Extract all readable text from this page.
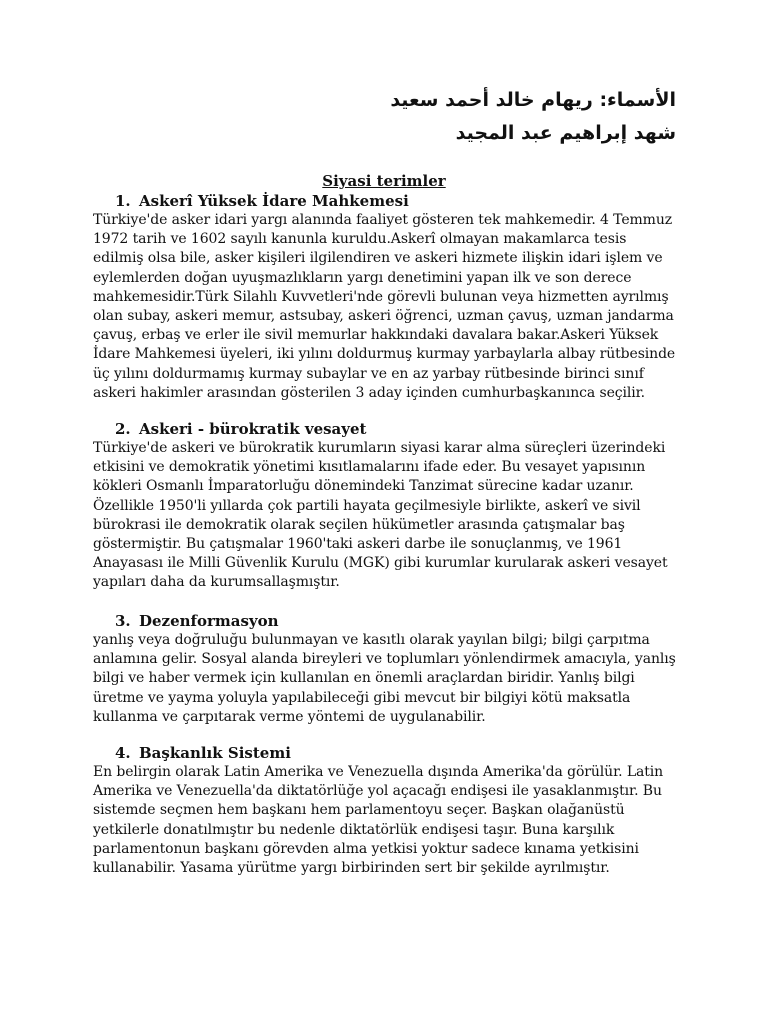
الأسماء: ريهام خالد أحمد سعيد
شهد إبراهيم عبد المجيد
Siyasi terimler
1. Askerî Yüksek İdare Mahkemesi

Türkiye'de asker idari yargı alanında faaliyet gösteren tek mahkemedir. 4 Temmuz 1972 tarih ve 1602 sayılı kanunla kuruldu.Askerî olmayan makamlarca tesis edilmiş olsa bile, asker kişileri ilgilendiren ve askeri hizmete ilişkin idari işlem ve eylemlerden doğan uyuşmazlıkların yargı denetimini yapan ilk ve son derece mahkemesidir.Türk Silahlı Kuvvetleri'nde görevli bulunan veya hizmetten ayrılmış olan subay, askeri memur, astsubay, askeri öğrenci, uzman çavuş, uzman jandarma çavuş, erbaş ve erler ile sivil memurlar hakkındaki davalara bakar.Askeri Yüksek İdare Mahkemesi üyeleri, iki yılını doldurmuş kurmay yarbaylarla albay rütbesinde üç yılını doldurmamış kurmay subaylar ve en az yarbay rütbesinde birinci sınıf askeri hakimler arasından gösterilen 3 aday içinden cumhurbaşkanınca seçilir.

2. Askeri - bürokratik vesayet

Türkiye'de askeri ve bürokratik kurumların siyasi karar alma süreçleri üzerindeki etkisini ve demokratik yönetimi kısıtlamalarını ifade eder. Bu vesayet yapısının kökleri Osmanlı İmparatorluğu dönemindeki Tanzimat sürecine kadar uzanır. Özellikle 1950'li yıllarda çok partili hayata geçilmesiyle birlikte, askerî ve sivil bürokrasi ile demokratik olarak seçilen hükümetler arasında çatışmalar baş göstermiştir. Bu çatışmalar 1960'taki askeri darbe ile sonuçlanmış, ve 1961 Anayasası ile Milli Güvenlik Kurulu (MGK) gibi kurumlar kurularak askeri vesayet yapıları daha da kurumsallaşmıştır.

3. Dezenformasyon

yanlış veya doğruluğu bulunmayan ve kasıtlı olarak yayılan bilgi; bilgi çarpıtma anlamına gelir. Sosyal alanda bireyleri ve toplumları yönlendirmek amacıyla, yanlış bilgi ve haber vermek için kullanılan en önemli araçlardan biridir. Yanlış bilgi üretme ve yayma yoluyla yapılabileceği gibi mevcut bir bilgiyi kötü maksatla kullanma ve çarpıtarak verme yöntemi de uygulanabilir.

4. Başkanlık Sistemi

En belirgin olarak Latin Amerika ve Venezuella dışında Amerika'da görülür. Latin Amerika ve Venezuella'da diktatörlüğe yol açacağı endişesi ile yasaklanmıştır. Bu sistemde seçmen hem başkanı hem parlamentoyu seçer. Başkan olağanüstü yetkilerle donatılmıştır bu nedenle diktatörlük endişesi taşır. Buna karşılık parlamentonun başkanı görevden alma yetkisi yoktur sadece kınama yetkisini kullanabilir. Yasama yürütme yargı birbirinden sert bir şekilde ayrılmıştır.
